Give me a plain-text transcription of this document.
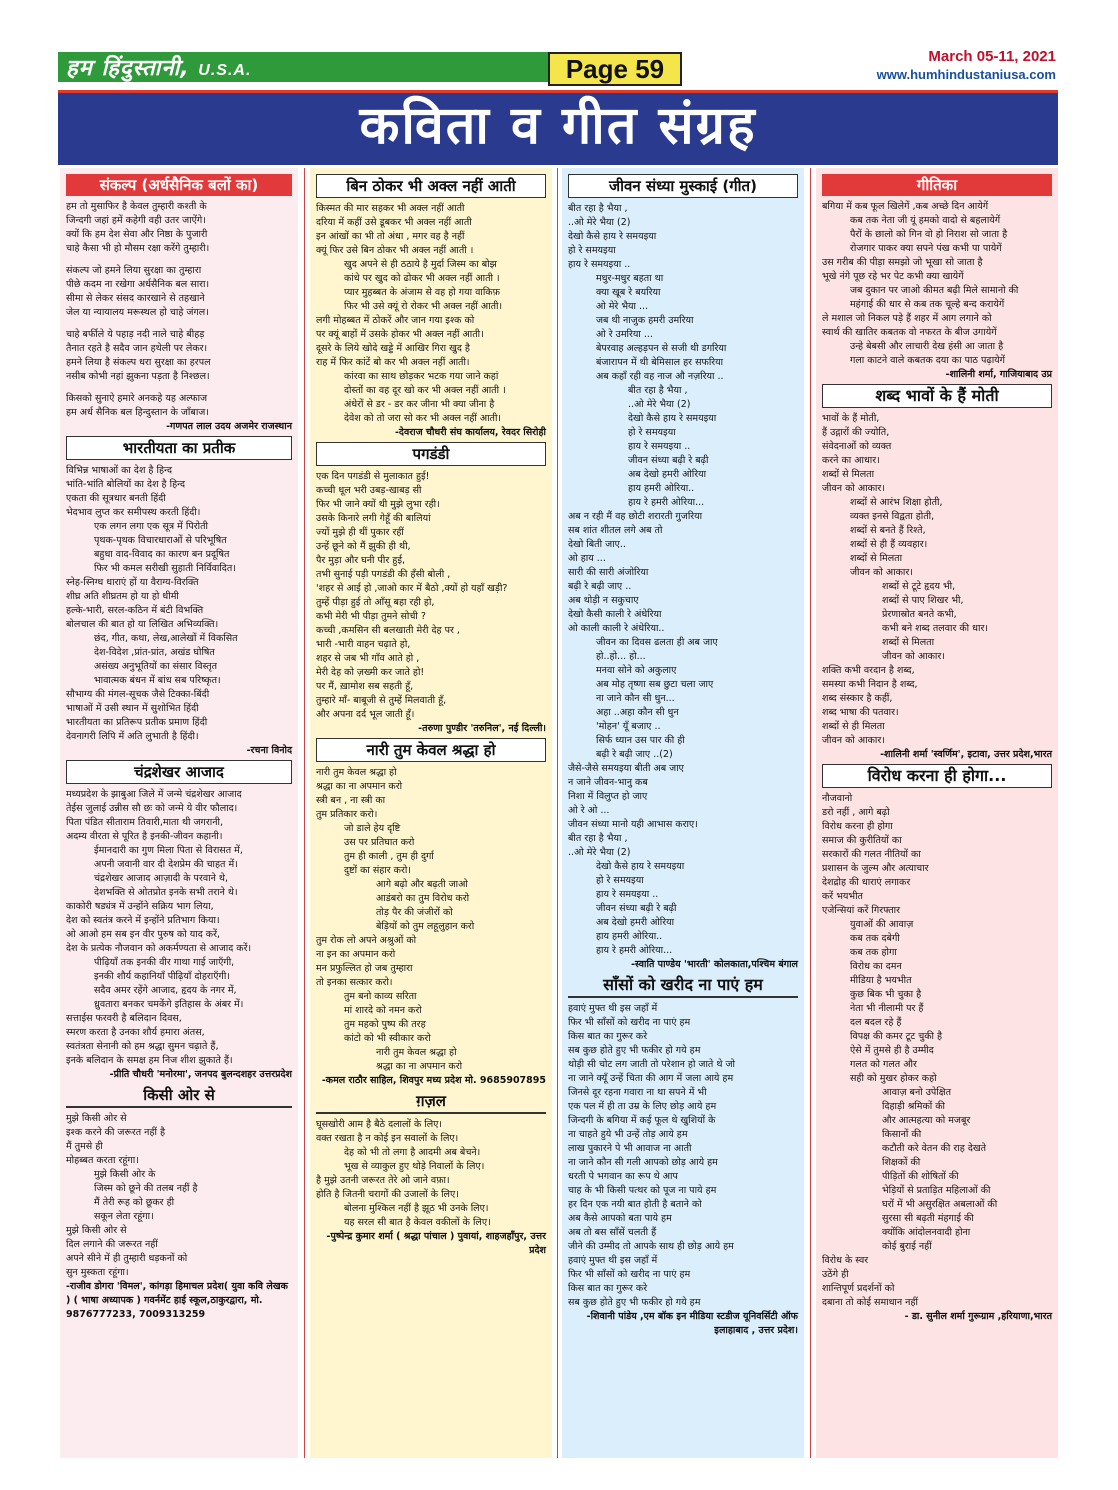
हम हिंदुस्तानी, U.S.A.	Page 59	March 05-11, 2021
www.humhindustaniusa.com
कविता व गीत संग्रह
संकल्प (अर्धसैनिक बलों का)
हम तो मुसाफिर है केवल तुम्हारी कश्ती के
जिन्दगी जहां हमें कहेगी वही उतर जाऐंगे।
क्यों कि हम देश सेवा और निष्ठा के पुजारी
चाहे कैसा भी हो मौसम रक्षा करेंगे तुम्हारी।
संकल्प जो हमने लिया सुरक्षा का तुम्हारा
पीछे कदम ना रखेगा अर्धसैनिक बल सारा।
सीमा से लेकर संसद कारखाने से तहखाने
जेल या न्यायालय मरूस्थल हो चाहे जंगल।
चाहे बर्फीले ये पहाड़ नदी नाले चाहे बीहड़
तैनात रहते है सदैव जान हथेली पर लेकर।
हमने लिया है संकल्प धरा सुरक्षा का हरपल
नसीब कोभी नहां झुकना पड़ता है निश्छल।
किसको सुनाऐ हमारे अनकहे यह अल्फाज
हम अर्ध सैनिक बल हिन्दुस्तान के जाँबाज।
-गणपत लाल उदय अजमेर राजस्थान
भारतीयता का प्रतीक
विभिन्न भाषाओं का देश है हिन्द
भांति-भांति बोलियों का देश है हिन्द
एकता की सूत्रधार बनती हिंदी
भेदभाव लुप्त कर समीपस्थ करती हिंदी।
एक लगन लगा एक सूत्र में पिरोती
पृथक-पृथक विचारधाराओं से परिभूषित
बहुधा वाद-विवाद का कारण बन प्रदूषित
फिर भी कमल सरीखी सुहाती निर्विवादित।
स्नेह-स्निग्ध धाराएं हों या वैराग्य-विरक्ति
शीघ्र अति शीघ्रतम हो या हो धीमी
हल्के-भारी, सरल-कठिन में बंटी विभक्ति
बोलचाल की बात हो या लिखित अभिव्यक्ति।
छंद, गीत, कथा, लेख,आलेखों में विकसित
देश-विदेश ,प्रांत-प्रांत, अखंड घोषित
असंख्य अनुभूतियों का संसार विस्तृत
भावात्मक बंधन में बांध सब परिष्कृत।
सौभाग्य की मंगल-सूचक जैसे टिक्का-बिंदी
भाषाओं में उसी स्थान में सुशोभित हिंदी
भारतीयता का प्रतिरूप प्रतीक प्रमाण हिंदी
देवनागरी लिपि में अति लुभाती है हिंदी।
-रचना विनोद
चंद्रशेखर आजाद
मध्यप्रदेश के झाबुआ जिले में जन्मे चंद्रशेखर आजाद
तेईस जुलाई उन्नीस सौ छः को जन्मे ये वीर फौलाद।
पिता पंडित सीताराम तिवारी,माता थी जगरानी,
अदम्य वीरता से पूरित है इनकी-जीवन कहानी।
ईमानदारी का गुण मिला पिता से विरासत में,
अपनी जवानी वार दी देशप्रेम की चाहत में।
चंद्रशेखर आजाद आज़ादी के परवाने थे,
देशभक्ति से ओतप्रोत इनके सभी तराने थे।
काकोरी षड्यंत्र में उन्होंने सक्रिय भाग लिया,
देश को स्वतंत्र करने में इन्होंने प्रतिभाग किया।
ओ आओ हम सब इन वीर पुरुष को याद करें,
देश के प्रत्येक नौजवान को अकर्मण्यता से आजाद करें।
पीढ़ियाँ तक इनकी वीर गाथा गाई जाएँगी,
इनकी शौर्य कहानियाँ पीढ़ियाँ दोहराएँगी।
सदैव अमर रहेंगे आजाद, हृदय के नगर में,
ध्रुवतारा बनकर चमकेंगे इतिहास के अंबर में।
सत्ताईस फरवरी है बलिदान दिवस,
स्मरण करता है उनका शौर्य हमारा अंतस,
स्वतंत्रता सेनानी को हम श्रद्धा सुमन चढ़ाते हैं,
इनके बलिदान के समक्ष हम निज शीश झुकाते हैं।
-प्रीति चौधरी 'मनोरमा', जनपद बुलन्दशहर उत्तरप्रदेश
किसी ओर से
मुझे किसी ओर से
इश्क करने की जरूरत नहीं है
मैं तुमसे ही
मोहब्बत करता रहूंगा।
मुझे किसी ओर के
जिस्म को छूने की तलब नहीं है
मैं तेरी रूह को छूकर ही
सकून लेता रहूंगा।
मुझे किसी ओर से
दिल लगाने की जरूरत नहीं
अपने सीने में ही तुम्हारी धड़कनों को
सुन मुस्कता रहूंगा।
-राजीव डोगरा 'विमल', कांगड़ा हिमाचल प्रदेश( युवा कवि लेखक ) ( भाषा अध्यापक ) गवर्नमेंट हाई स्कूल,ठाकुरद्वारा, मो. 9876777233, 7009313259
बिन ठोकर भी अक्ल नहीं आती
किस्मत की मार सहकर भी अक्ल नहीं आती
दरिया में कहीं उसे डूबकर भी अक्ल नहीं आती
इन आंखों का भी तो अंधा , मगर वह है नहीं
क्यूं फिर उसे बिन ठोकर भी अक्ल नहीं आती ।
खुद अपने से ही ठठाये है मुर्दा जिस्म का बोझ
कांधे पर खुद को ढोकर भी अक्ल नहीं आती ।
प्यार मुहब्बत के अंजाम से वह हो गया वाकिफ़
फिर भी उसे क्यूं रो रोकर भी अक्ल नहीं आती।
लगी मोहब्बत में ठोकरें और जान गया इश्क को
पर क्यूं बाहों में उसके होकर भी अक्ल नहीं आती।
दूसरे के लिये खोदे खड्डे में आखिर गिरा खुद है
राह में फिर कांटें बो कर भी अक्ल नहीं आती।
कांरवा का साथ छोड़कर भटक गया जाने कहां
दोस्तों का वह दूर खो कर भी अक्ल नहीं आती ।
अंधेरों से डर - डर कर जीना भी क्या जीना है
देवेश को तो जरा सो कर भी अक्ल नहीं आती।
-देवराज चौधरी संघ कार्यालय, रेवदर सिरोही
पगडंडी
एक दिन पगडंडी से मुलाकात हुई!
कच्ची धूल भरी उबड़-खाबड़ सी
फिर भी जाने क्यों थी मुझे लुभा रही।
उसके किनारे लगी गेहूँ की बालियां
ज्यों मुझे ही थीं पुकार रहीं
उन्हें छूने को मैं झुकी ही थी,
पैर मुड़ा और घनी पीर हुई,
तभी सुनाई पड़ी पगडंडी की हँसी बोली ,
'शहर से आई हो ,जाओ कार में बैठो ,क्यों हो यहाँ खड़ी?
तुम्हें पीड़ा हुई तो आँसू बहा रही हो,
कभी मेरी भी पीड़ा तुमने सोची ?
कच्ची ,कमसिन सी बलखाती मेरी देह पर ,
भारी -भारी वाहन चढ़ाते हो,
शहर से जब भी गाँव आते हो ,
मेरी देह को ज़ख्मी कर जाते हो!
पर मैं, ख़ामोश सब सहती हूँ,
तुम्हारे माँ- बाबूजी से तुम्हें मिलवाती हूँ,
और अपना दर्द भूल जाती हूँ।
-तरुणा पुण्डीर 'तरुनिल', नई दिल्ली।
नारी तुम केवल श्रद्धा हो
नारी तुम केवल श्रद्धा हो
श्रद्धा का ना अपमान करो
स्त्री बन , ना स्त्री का
तुम प्रतिकार करो।
जो डाले हेय दृष्टि
उस पर प्रतिघात करो
तुम ही काली , तुम ही दुर्गा
दुष्टों का संहार करो।
आगे बढ़ो और बढ़ती जाओ
आडंबरो का तुम विरोध करो
तोड़ पैर की जंजीरों को
बेड़ियों को तुम लहूलुहान करो
तुम रोक लो अपने अश्रुओं को
ना इन का अपमान करो
मन प्रफुल्लित हो जब तुम्हारा
तो इनका सत्कार करो।
तुम बनो काव्य सरिता
मां शारदे को नमन करो
तुम महको पुष्प की तरह
कांटो को भी स्वीकार करो
नारी तुम केवल श्रद्धा हो
श्रद्धा का ना अपमान करो
-कमल राठौर साहिल, शिवपुर मध्य प्रदेश मो. 9685907895
ग़ज़ल
घूसखोरी आम है बैठे दलालों के लिए।
वक्त रखता है न कोई इन सवालों के लिए।
देह को भी तो लगा है आदमी अब बेचने।
भूख से व्याकुल हुए थोड़े निवालों के लिए।
है मुझे उतनी जरूरत तेरे ओ जाने वफ़ा।
होति है जितनी चरागों की उजालों के लिए।
बोलना मुश्किल नहीं है झूठ भी उनके लिए।
यह सरल सी बात है केवल वकीलों के लिए।
-पुष्पेन्द्र कुमार शर्मा ( श्रद्धा पांचाल ) पुवायां, शाहजहाँपुर, उत्तर प्रदेश
जीवन संध्या मुस्काई (गीत)
बीत रहा है भैया ,
..ओ मेरे भैया (2)
देखो कैसे हाय रे समयइया
हो रे समयइया
हाय रे समयइया ..
मधुर-मधुर बहता था
क्या खूब रे बयरिया
ओ मेरे भैया ...
जब थी नाजुक हमरी उमरिया
ओ रे उमरिया ...
बेपरवाह अल्हड़पन से सजी थी डगरिया
बंजारापन में थी बेमिसाल हर सफरिया
अब कहाँ रही वह नाज औ नज़रिया ..
बीत रहा है भैया ,
..ओ मेरे भैया (2)
देखो कैसे हाय रे समयइया
हो रे समयइया
हाय रे समयइया ..
जीवन संध्या बढ़ी रे बढ़ी
अब देखो हमरी ओरिया
हाय हमरी ओरिया..
हाय रे हमरी ओरिया...
अब न रही मैं वह छोटी शरारती गुजरिया
सब शांत शीतल लगे अब तो
देखो बिती जाए..
ओ हाय ...
सारी की सारी अंजोरिया
बढ़ी रे बढ़ी जाए ..
अब थोड़ी न सकुचाए
देखो कैसी काली रे अंधेरिया
ओ काली काली रे अंधेरिया..
जीवन का दिवस ढलता ही अब जाए
हो..हो... हो...
मनवा सोने को अकुलाए
अब मोह तृष्णा सब छुटा चला जाए
ना जाने कौन सी धुन...
अहा ..अहा कौन सी धुन
'मोहन' यूँ बजाए ..
सिर्फ ध्यान उस पार की ही
बढ़ी रे बढ़ी जाए ..(2)
जैसे-जैसे समयइया बीती अब जाए
न जाने जीवन-भानु कब
निशा में विलुप्त हो जाए
ओ रे ओ ...
जीवन संध्या मानो यही आभास कराए।
बीत रहा है भैया ,
..ओ मेरे भैया (2)
देखो कैसे हाय रे समयइया
हो रे समयइया
हाय रे समयइया ..
जीवन संध्या बढ़ी रे बढ़ी
अब देखो हमरी ओरिया
हाय हमरी ओरिया..
हाय रे हमरी ओरिया...
-स्वाति पाण्डेय 'भारती' कोलकाता,पश्चिम बंगाल
साँसों को खरीद ना पाएं हम
हवाएं मुफ्त थी इस जहाँ में
फिर भी साँसों को खरीद ना पाएं हम
किस बात का गुरूर करे
सब कुछ होते हुए भी फकीर हो गये हम
थोड़ी सी चोट लग जाती तो परेशान हो जाते थे जो
ना जाने क्यूँ उन्हें चिता की आग में जला आये हम
जिनसे दूर रहना गवारा ना था सपने में भी
एक पल में ही ता उम्र के लिए छोड़ आये हम
जिन्दगी के बगिया में कई फूल थे खुशियों के
ना चाहते हुये भी उन्हें तोड़ आये हम
लाख पुकारने पे भी आवाज ना आती
ना जाने कौन सी गली आपको छोड़ आये हम
धरती पे भगवान का रूप थे आप
चाह के भी किसी पत्थर को पूज ना पाये हम
हर दिन एक नयी बात होती है बताने को
अब कैसे आपको बता पाये हम
अब तो बस साँसें चलती हैं
जीने की उम्मीद तो आपके साथ ही छोड़ आये हम
हवाएं मुफ्त थी इस जहाँ में
फिर भी साँसों को खरीद ना पाएं हम
किस बात का गुरूर करे
सब कुछ होते हुए भी फकीर हो गये हम
-शिवानी पांडेय ,एम बॉक इन मीडिया स्टडीज यूनिवर्सिटी ऑफ इलाहाबाद , उत्तर प्रदेश।
गीतिका
बगिया में कब फूल खिलेगें ,कब अच्छे दिन आयेगें
कब तक नेता जी यूं हमको वादो से बहलायेगें
पैरों के छालो को गिन वो हो निराश सो जाता है
रोजगार पाकर क्या सपने पंख कभी पा पायेगें
उस गरीब की पीड़ा समझो जो भूखा सो जाता है
भूखे नंगे पूछ रहे भर पेट कभी क्या खायेगें
जब दुकान पर जाओ कीमत बढ़ी मिले सामानो की
महंगाई की धार से कब तक चूल्हे बन्द करायेगें
ले मशाल जो निकल पड़े हैं शहर में आग लगाने को
स्वार्थ की खातिर कबतक वो नफरत के बीज उगायेगें
उन्हे बेबसी और लाचारी देख हंसी आ जाता है
गला काटने वाले कबतक दया का पाठ पढ़ायेगें
-शालिनी शर्मा, गाजियाबाद उप्र
शब्द भावों के हैं मोती
भावों के हैं मोती,
हैं उद्गारों की ज्योति,
संवेदनाओं को व्यक्त
करने का आधार।
शब्दों से मिलता
जीवन को आकार।
शब्दों से आरंभ शिक्षा होती,
व्यक्त इनसे विद्वता होती,
शब्दों से बनते हैं रिश्ते,
शब्दों से ही हैं व्यवहार।
शब्दों से मिलता
जीवन को आकार।
शब्दों से टूटे हृदय भी,
शब्दों से पाए शिखर भी,
प्रेरणास्रोत बनते कभी,
कभी बने शब्द तलवार की धार।
शब्दों से मिलता
जीवन को आकार।
शक्ति कभी वरदान है शब्द,
समस्या कभी निदान है शब्द,
शब्द संस्कार है कहीं,
शब्द भाषा की पतवार।
शब्दों से ही मिलता
जीवन को आकार।
-शालिनी शर्मा 'स्वर्णिम', इटावा, उत्तर प्रदेश,भारत
विरोध करना ही होगा...
नौजवानो
डरो नहीं , आगे बढ़ो
विरोध करना ही होगा
समाज की कुरीतियों का
सरकारों की गलत नीतियों का
प्रशासन के जुल्म और अत्याचार
देशद्रोह की धाराएं लगाकर
करें भयभीत
एजेन्सियां करें गिरफ्तार
युवाओं की आवाज़
कब तक दबेगी
कब तक होगा
विरोध का दमन
मीडिया है भयभीत
कुछ बिक भी चुका है
नेता भी नीलामी पर हैं
दल बदल रहे हैं
विपक्ष की कमर टूट चुकी है
ऐसे में तुमसे ही है उम्मीद
गलत को गलत और
सही को मुखर होकर कहो
आवाज़ बनो उपेक्षित
दिहाड़ी श्रमिकों की
और आत्महत्या को मजबूर
किसानों की
कटौती करे वेतन की राह देखते
शिक्षकों की
पीड़ितों की शोषितों की
भेड़ियों से प्रताड़ित महिलाओं की
घरों में भी असुरक्षित अबलाओं की
सुरसा सी बढ़ती मंहगाई की
क्योंकि आंदोलनवादी होना
कोई बुराई नहीं
विरोध के स्वर
उठेंगे ही
शान्तिपूर्ण प्रदर्शनों को
दबाना तो कोई समाधान नहीं
- डा. सुनील शर्मा गुरूग्राम ,हरियाणा,भारत
